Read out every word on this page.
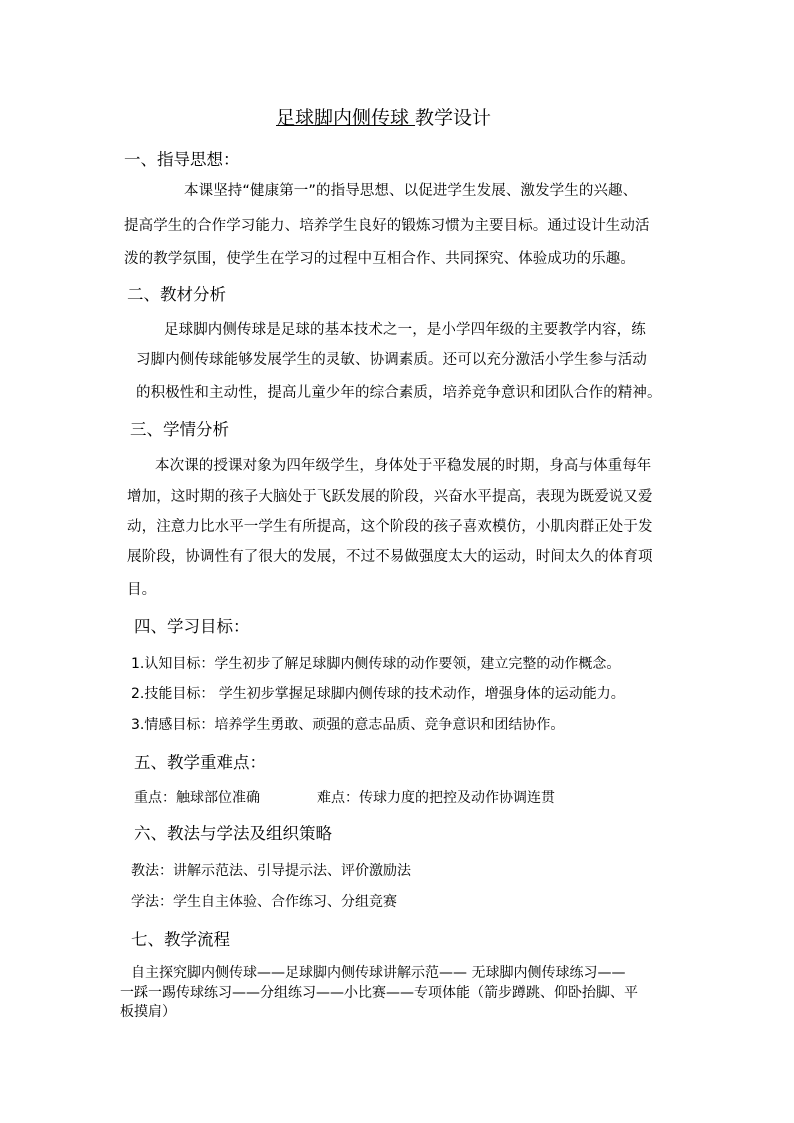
足球脚内侧传球 教学设计
一、指导思想：
本课坚持“健康第一”的指导思想、以促进学生发展、激发学生的兴趣、
提高学生的合作学习能力、培养学生良好的锻炼习惯为主要目标。通过设计生动活
泼的教学氛围，使学生在学习的过程中互相合作、共同探究、体验成功的乐趣。
二、教材分析
足球脚内侧传球是足球的基本技术之一，是小学四年级的主要教学内容，练
习脚内侧传球能够发展学生的灵敏、协调素质。还可以充分激活小学生参与活动
的积极性和主动性，提高儿童少年的综合素质，培养竞争意识和团队合作的精神。
三、学情分析
本次课的授课对象为四年级学生，身体处于平稳发展的时期，身高与体重每年
增加，这时期的孩子大脑处于飞跃发展的阶段，兴奋水平提高，表现为既爱说又爱
动，注意力比水平一学生有所提高，这个阶段的孩子喜欢模仿，小肌肉群正处于发
展阶段，协调性有了很大的发展，不过不易做强度太大的运动，时间太久的体育项
目。
四、学习目标：
1.认知目标：学生初步了解足球脚内侧传球的动作要领，建立完整的动作概念。
2.技能目标： 学生初步掌握足球脚内侧传球的技术动作，增强身体的运动能力。
3.情感目标：培养学生勇敢、顽强的意志品质、竞争意识和团结协作。
五、教学重难点：
重点：触球部位准确	难点：传球力度的把控及动作协调连贯
六、教法与学法及组织策略
教法：讲解示范法、引导提示法、评价激励法
学法：学生自主体验、合作练习、分组竞赛
七、教学流程
自主探究脚内侧传球——足球脚内侧传球讲解示范—— 无球脚内侧传球练习——
一踩一踢传球练习——分组练习——小比赛——专项体能（箭步蹲跳、仰卧抬脚、平
板摸肩）
